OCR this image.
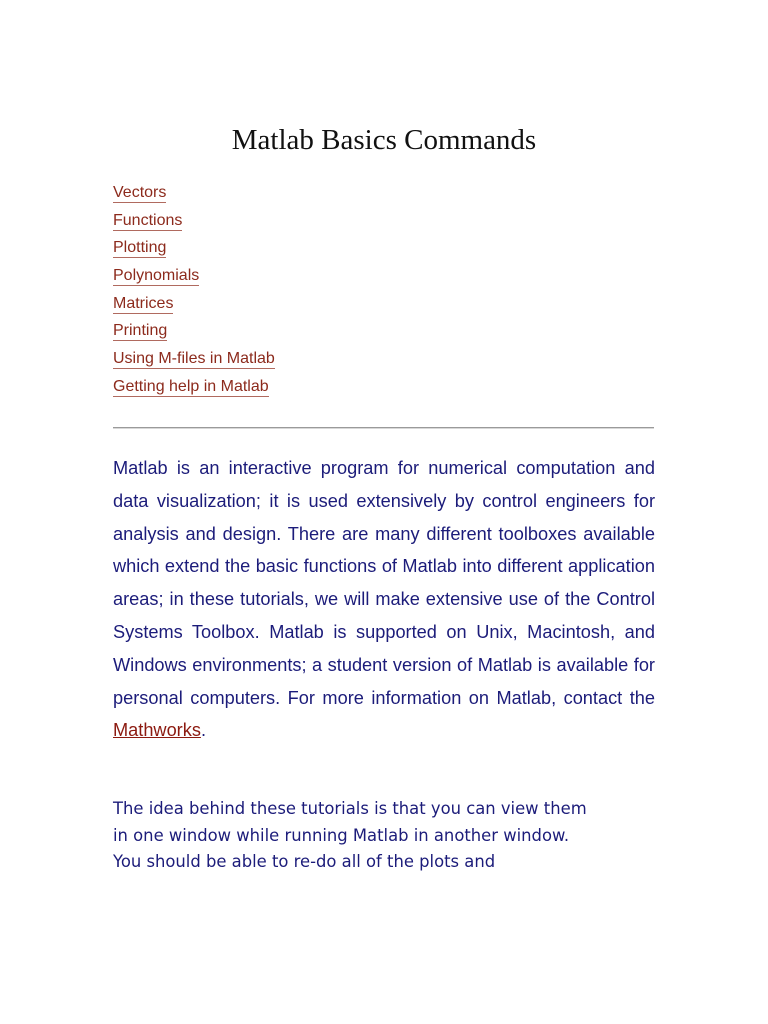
Matlab Basics Commands
Vectors
Functions
Plotting
Polynomials
Matrices
Printing
Using M-files in Matlab
Getting help in Matlab

Matlab is an interactive program for numerical computation and data visualization; it is used extensively by control engineers for analysis and design. There are many different toolboxes available which extend the basic functions of Matlab into different application areas; in these tutorials, we will make extensive use of the Control Systems Toolbox. Matlab is supported on Unix, Macintosh, and Windows environments; a student version of Matlab is available for personal computers. For more information on Matlab, contact the Mathworks.

The idea behind these tutorials is that you can view them
in one window while running Matlab in another window.
You should be able to re-do all of the plots and
